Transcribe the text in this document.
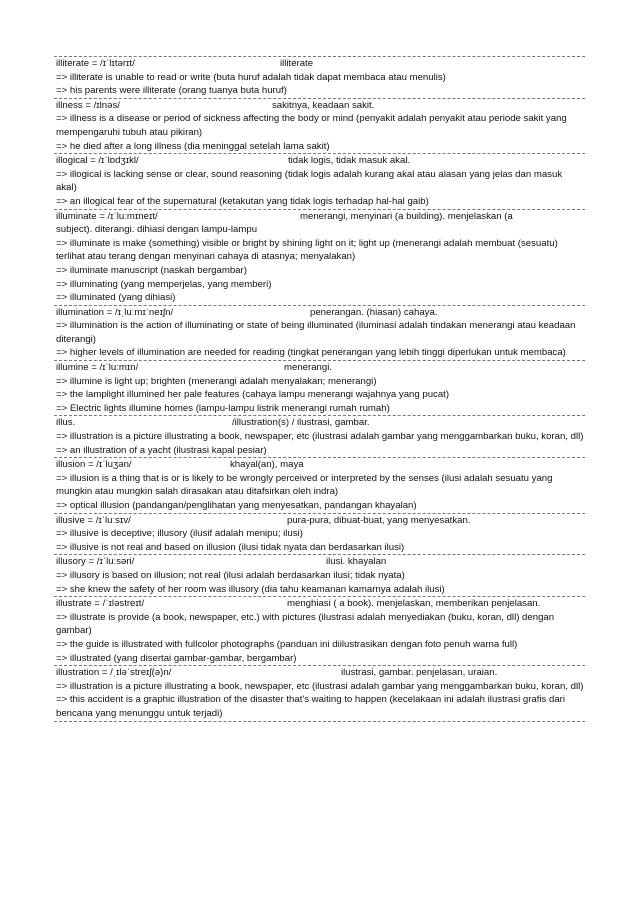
illiterate = /ɪˈlɪtərɪt/	illiterate
=> illiterate is unable to read or write (buta huruf adalah tidak dapat membaca atau menulis)
=> his parents were illiterate (orang tuanya buta huruf)
illness = /ɪlnəs/	sakitnya, keadaan sakit.
=> illness is a disease or period of sickness affecting the body or mind (penyakit adalah penyakit atau periode sakit yang mempengaruhi tubuh atau pikiran)
=> he died after a long illness (dia meninggal setelah lama sakit)
illogical = /ɪˈlɒdʒɪkl/	tidak logis, tidak masuk akal.
=> illogical is lacking sense or clear, sound reasoning (tidak logis adalah kurang akal atau alasan yang jelas dan masuk akal)
=> an illogical fear of the supernatural (ketakutan yang tidak logis terhadap hal-hal gaib)
illuminate = /ɪˈluːmɪneɪt/	menerangi, menyinari (a building). menjelaskan (a
subject). diterangi. dihiasi dengan lampu-lampu
=> illuminate is make (something) visible or bright by shining light on it; light up (menerangi adalah membuat (sesuatu) terlihat atau terang dengan menyinari cahaya di atasnya; menyalakan)
=> iluminate manuscript (naskah bergambar)
=> illuminating (yang memperjelas, yang memberi)
=> illuminated (yang dihiasi)
illumination = /ɪˌluːmɪˈneɪʃn/	penerangan. (hiasan) cahaya.
=> illumination is the action of illuminating or state of being illuminated (iluminasi adalah tindakan menerangi atau keadaan diterangi)
=> higher levels of illumination are needed for reading (tingkat penerangan yang lebih tinggi diperlukan untuk membaca)
illumine = /ɪˈluːmɪn/	menerangi.
=> illumine is light up; brighten (menerangi adalah menyalakan; menerangi)
=> the lamplight illumined her pale features (cahaya lampu menerangi wajahnya yang pucat)
=> Electric lights illumine homes (lampu-lampu listrik menerangi rumah rumah)
illus.	/illustration(s) / ilustrasi, gambar.
=> illustration is a picture illustrating a book, newspaper, etc (ilustrasi adalah gambar yang menggambarkan buku, koran, dll)
=> an illustration of a yacht (ilustrasi kapal pesiar)
illusion = /ɪˈluʒən/	khayal(an), maya
=> illusion is a thing that is or is likely to be wrongly perceived or interpreted by the senses (ilusi adalah sesuatu yang mungkin atau mungkin salah dirasakan atau ditafsirkan oleh indra)
=> optical illusion (pandangan/penglihatan yang menyesatkan, pandangan khayalan)
illusive = /ɪˈluːsɪv/	pura-pura, dibuat-buat, yang menyesatkan.
=> illusive is deceptive; illusory (ilusif adalah menipu; ilusi)
=> illusive is not real and based on illusion (ilusi tidak nyata dan berdasarkan ilusi)
illusory = /ɪˈluːsəri/	ilusi. khayalan
=> illusory is based on illusion; not real (ilusi adalah berdasarkan ilusi; tidak nyata)
=> she knew the safety of her room was illusory (dia tahu keamanan kamarnya adalah ilusi)
illustrate = /ˈɪləstreɪt/	menghiasi ( a book). menjelaskan, memberikan penjelasan.
=> illustrate is provide (a book, newspaper, etc.) with pictures (ilustrasi adalah menyediakan (buku, koran, dll) dengan gambar)
=> the guide is illustrated with fullcolor photographs (panduan ini diilustrasikan dengan foto penuh warna full)
=> illustrated (yang disertai gambar-gambar, bergambar)
illustration = /ˌɪləˈstreɪʃ(ə)n/	ilustrasi, gambar. penjelasan, uraian.
=> illustration is a picture illustrating a book, newspaper, etc (ilustrasi adalah gambar yang menggambarkan buku, koran, dll)
=> this accident is a graphic illustration of the disaster that's waiting to happen (kecelakaan ini adalah ilustrasi grafis dari bencana yang menunggu untuk terjadi)
